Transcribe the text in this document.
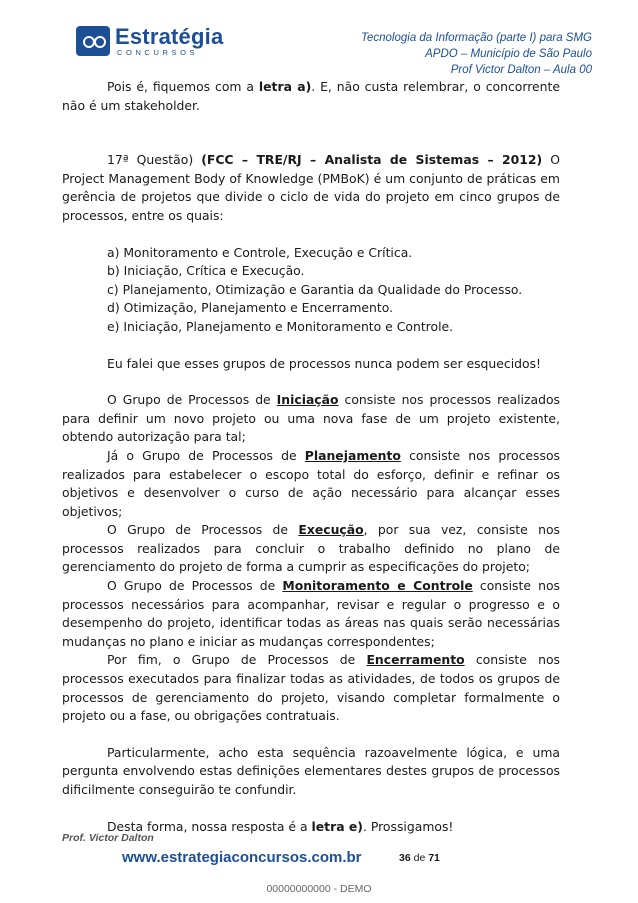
Estratégia
CONCURSOS
Tecnologia da Informação (parte I) para SMG
APDO – Município de São Paulo
Prof Victor Dalton – Aula 00

Pois é, fiquemos com a letra a). E, não custa relembrar, o concorrente não é um stakeholder.

17ª Questão) (FCC – TRE/RJ – Analista de Sistemas – 2012) O Project Management Body of Knowledge (PMBoK) é um conjunto de práticas em gerência de projetos que divide o ciclo de vida do projeto em cinco grupos de processos, entre os quais:

a) Monitoramento e Controle, Execução e Crítica.

b) Iniciação, Crítica e Execução.

c) Planejamento, Otimização e Garantia da Qualidade do Processo.

d) Otimização, Planejamento e Encerramento.

e) Iniciação, Planejamento e Monitoramento e Controle.

Eu falei que esses grupos de processos nunca podem ser esquecidos!

O Grupo de Processos de Iniciação consiste nos processos realizados para definir um novo projeto ou uma nova fase de um projeto existente, obtendo autorização para tal;

Já o Grupo de Processos de Planejamento consiste nos processos realizados para estabelecer o escopo total do esforço, definir e refinar os objetivos e desenvolver o curso de ação necessário para alcançar esses objetivos;

O Grupo de Processos de Execução, por sua vez, consiste nos processos realizados para concluir o trabalho definido no plano de gerenciamento do projeto de forma a cumprir as especificações do projeto;

O Grupo de Processos de Monitoramento e Controle consiste nos processos necessários para acompanhar, revisar e regular o progresso e o desempenho do projeto, identificar todas as áreas nas quais serão necessárias mudanças no plano e iniciar as mudanças correspondentes;

Por fim, o Grupo de Processos de Encerramento consiste nos processos executados para finalizar todas as atividades, de todos os grupos de processos de gerenciamento do projeto, visando completar formalmente o projeto ou a fase, ou obrigações contratuais.

Particularmente, acho esta sequência razoavelmente lógica, e uma pergunta envolvendo estas definições elementares destes grupos de processos dificilmente conseguirão te confundir.

Desta forma, nossa resposta é a letra e). Prossigamos!

Prof. Victor Dalton
www.estrategiaconcursos.com.br	36 de 71
00000000000 - DEMO
